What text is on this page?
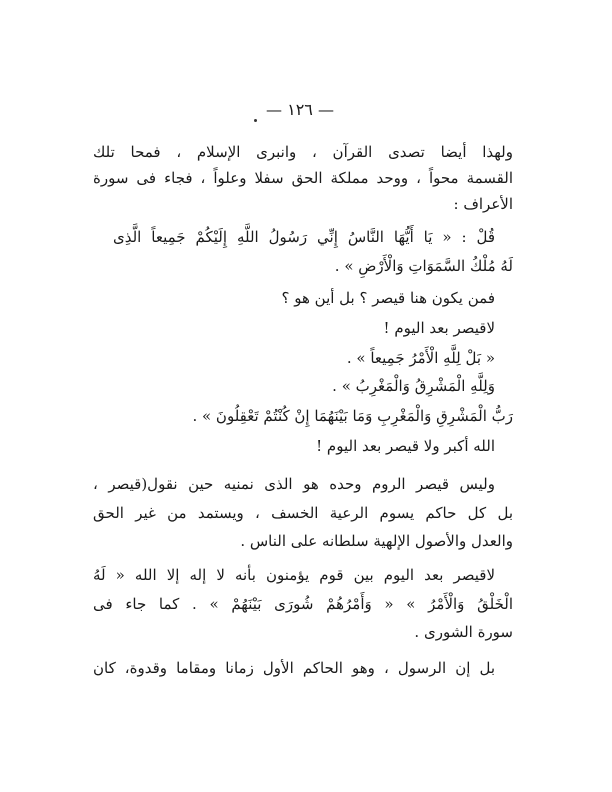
— ١٢٦ —
ولهذا أيضا تصدى القرآن ، وانبرى الإسلام ، فمحا تلك
القسمة محواً ، ووحد مملكة الحق سفلا وعلواً ، فجاء فى سورة
الأعراف :
قُلْ : « يَا أَيُّهَا النَّاسُ إِنِّي رَسُولُ اللَّهِ إِلَيْكُمْ جَمِيعاً الَّذِى
لَهُ مُلْكُ السَّمَوَاتِ وَالْأَرْضِ » .
فمن يكون هنا قيصر ؟ بل أين هو ؟
لاقيصر بعد اليوم !
« بَلْ لِلَّهِ الْأَمْرُ جَمِيعاً » .
وَلِلَّهِ الْمَشْرِقُ وَالْمَغْرِبُ » .
رَبُّ الْمَشْرِقِ وَالْمَغْرِبِ وَمَا بَيْنَهُمَا إِنْ كُنْتُمْ تَعْقِلُونَ » .
الله أكبر ولا قيصر بعد اليوم !
وليس قيصر الروم وحده هو الذى نمنيه حين نقول(قيصر ،
بل كل حاكم يسوم الرعية الخسف ، ويستمد من غير الحق
والعدل والأصول الإلهية سلطانه على الناس .
لاقيصر بعد اليوم بين قوم يؤمنون بأنه لا إله إلا الله « لَهُ
الْخَلْقُ وَالْأَمْرُ » « وَأَمْرُهُمْ شُورَى بَيْنَهُمْ » . كما جاء فى
سورة الشورى .
بل إن الرسول ، وهو الحاكم الأول زمانا ومقاما وقدوة، كان
